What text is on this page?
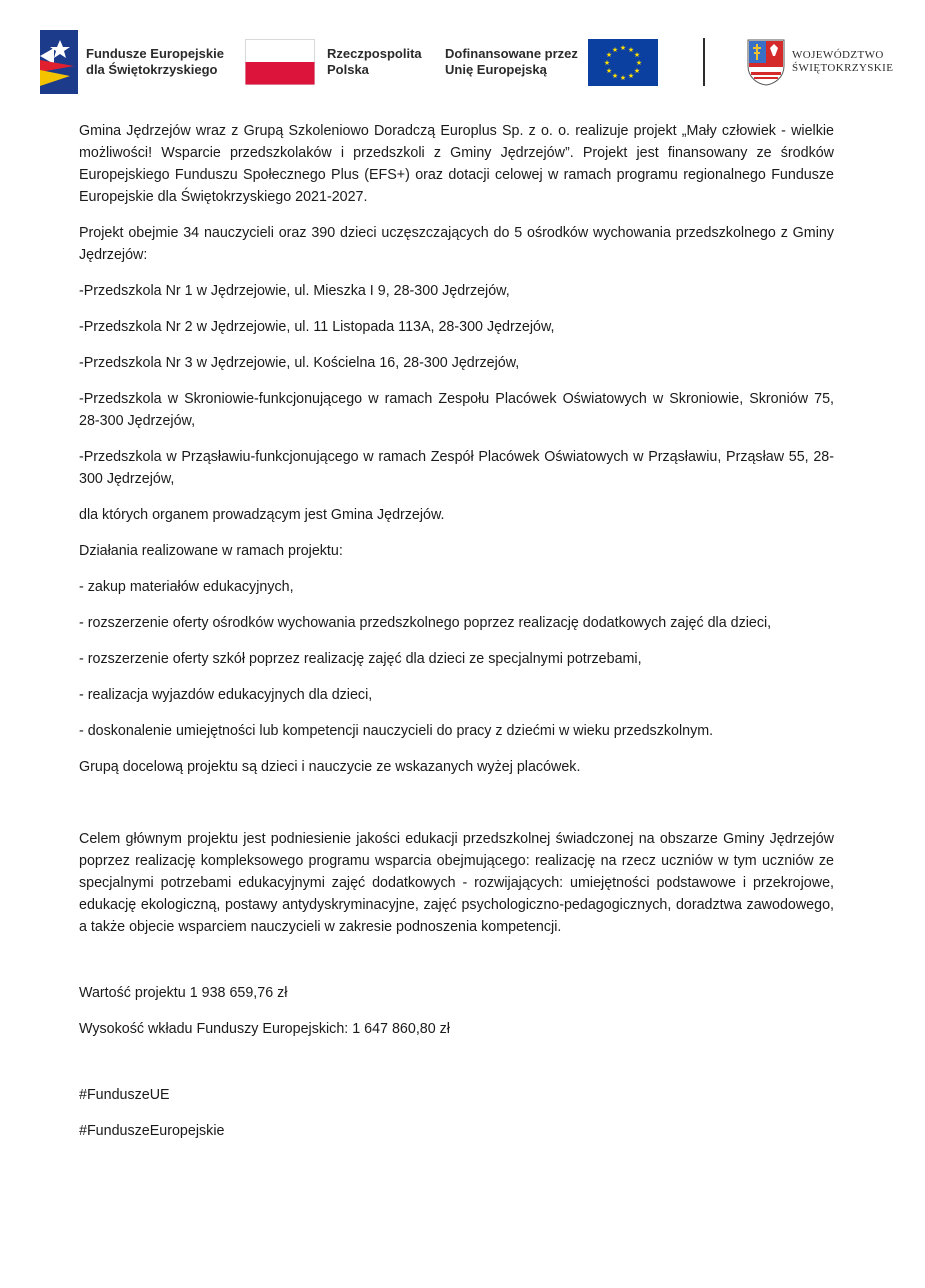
Fundusze Europejskie
dla Świętokrzyskiego
Rzeczpospolita
Polska
Dofinansowane przez
Unię Europejską
★ ★
★
★
★
★
★
★
★
★
★
★	WOJEWÓDZTWO
ŚWIĘTOKRZYSKIE

Gmina Jędrzejów wraz z Grupą Szkoleniowo Doradczą Europlus Sp. z o. o. realizuje projekt „Mały człowiek - wielkie możliwości! Wsparcie przedszkolaków i przedszkoli z Gminy Jędrzejów”. Projekt jest finansowany ze środków Europejskiego Funduszu Społecznego Plus (EFS+) oraz dotacji celowej w ramach programu regionalnego Fundusze Europejskie dla Świętokrzyskiego 2021-2027.

Projekt obejmie 34 nauczycieli oraz 390 dzieci uczęszczających do 5 ośrodków wychowania przedszkolnego z Gminy Jędrzejów:

-Przedszkola Nr 1 w Jędrzejowie, ul. Mieszka I 9, 28-300 Jędrzejów,

-Przedszkola Nr 2 w Jędrzejowie, ul. 11 Listopada 113A, 28-300 Jędrzejów,

-Przedszkola Nr 3 w Jędrzejowie, ul. Kościelna 16, 28-300 Jędrzejów,

-Przedszkola w Skroniowie-funkcjonującego w ramach Zespołu Placówek Oświatowych w Skroniowie, Skroniów 75, 28-300 Jędrzejów,

-Przedszkola w Prząsławiu-funkcjonującego w ramach Zespół Placówek Oświatowych w Prząsławiu, Prząsław 55, 28-300 Jędrzejów,

dla których organem prowadzącym jest Gmina Jędrzejów.

Działania realizowane w ramach projektu:

- zakup materiałów edukacyjnych,

- rozszerzenie oferty ośrodków wychowania przedszkolnego poprzez realizację dodatkowych zajęć dla dzieci,

- rozszerzenie oferty szkół poprzez realizację zajęć dla dzieci ze specjalnymi potrzebami,

- realizacja wyjazdów edukacyjnych dla dzieci,

- doskonalenie umiejętności lub kompetencji nauczycieli do pracy z dziećmi w wieku przedszkolnym.

Grupą docelową projektu są dzieci i nauczycie ze wskazanych wyżej placówek.

Celem głównym projektu jest podniesienie jakości edukacji przedszkolnej świadczonej na obszarze Gminy Jędrzejów poprzez realizację kompleksowego programu wsparcia obejmującego: realizację na rzecz uczniów w tym uczniów ze specjalnymi potrzebami edukacyjnymi zajęć dodatkowych - rozwijających: umiejętności podstawowe i przekrojowe, edukację ekologiczną, postawy antydyskryminacyjne, zajęć psychologiczno-pedagogicznych, doradztwa zawodowego, a także objecie wsparciem nauczycieli w zakresie podnoszenia kompetencji.

Wartość projektu 1 938 659,76 zł

Wysokość wkładu Funduszy Europejskich: 1 647 860,80 zł

#FunduszeUE

#FunduszeEuropejskie
